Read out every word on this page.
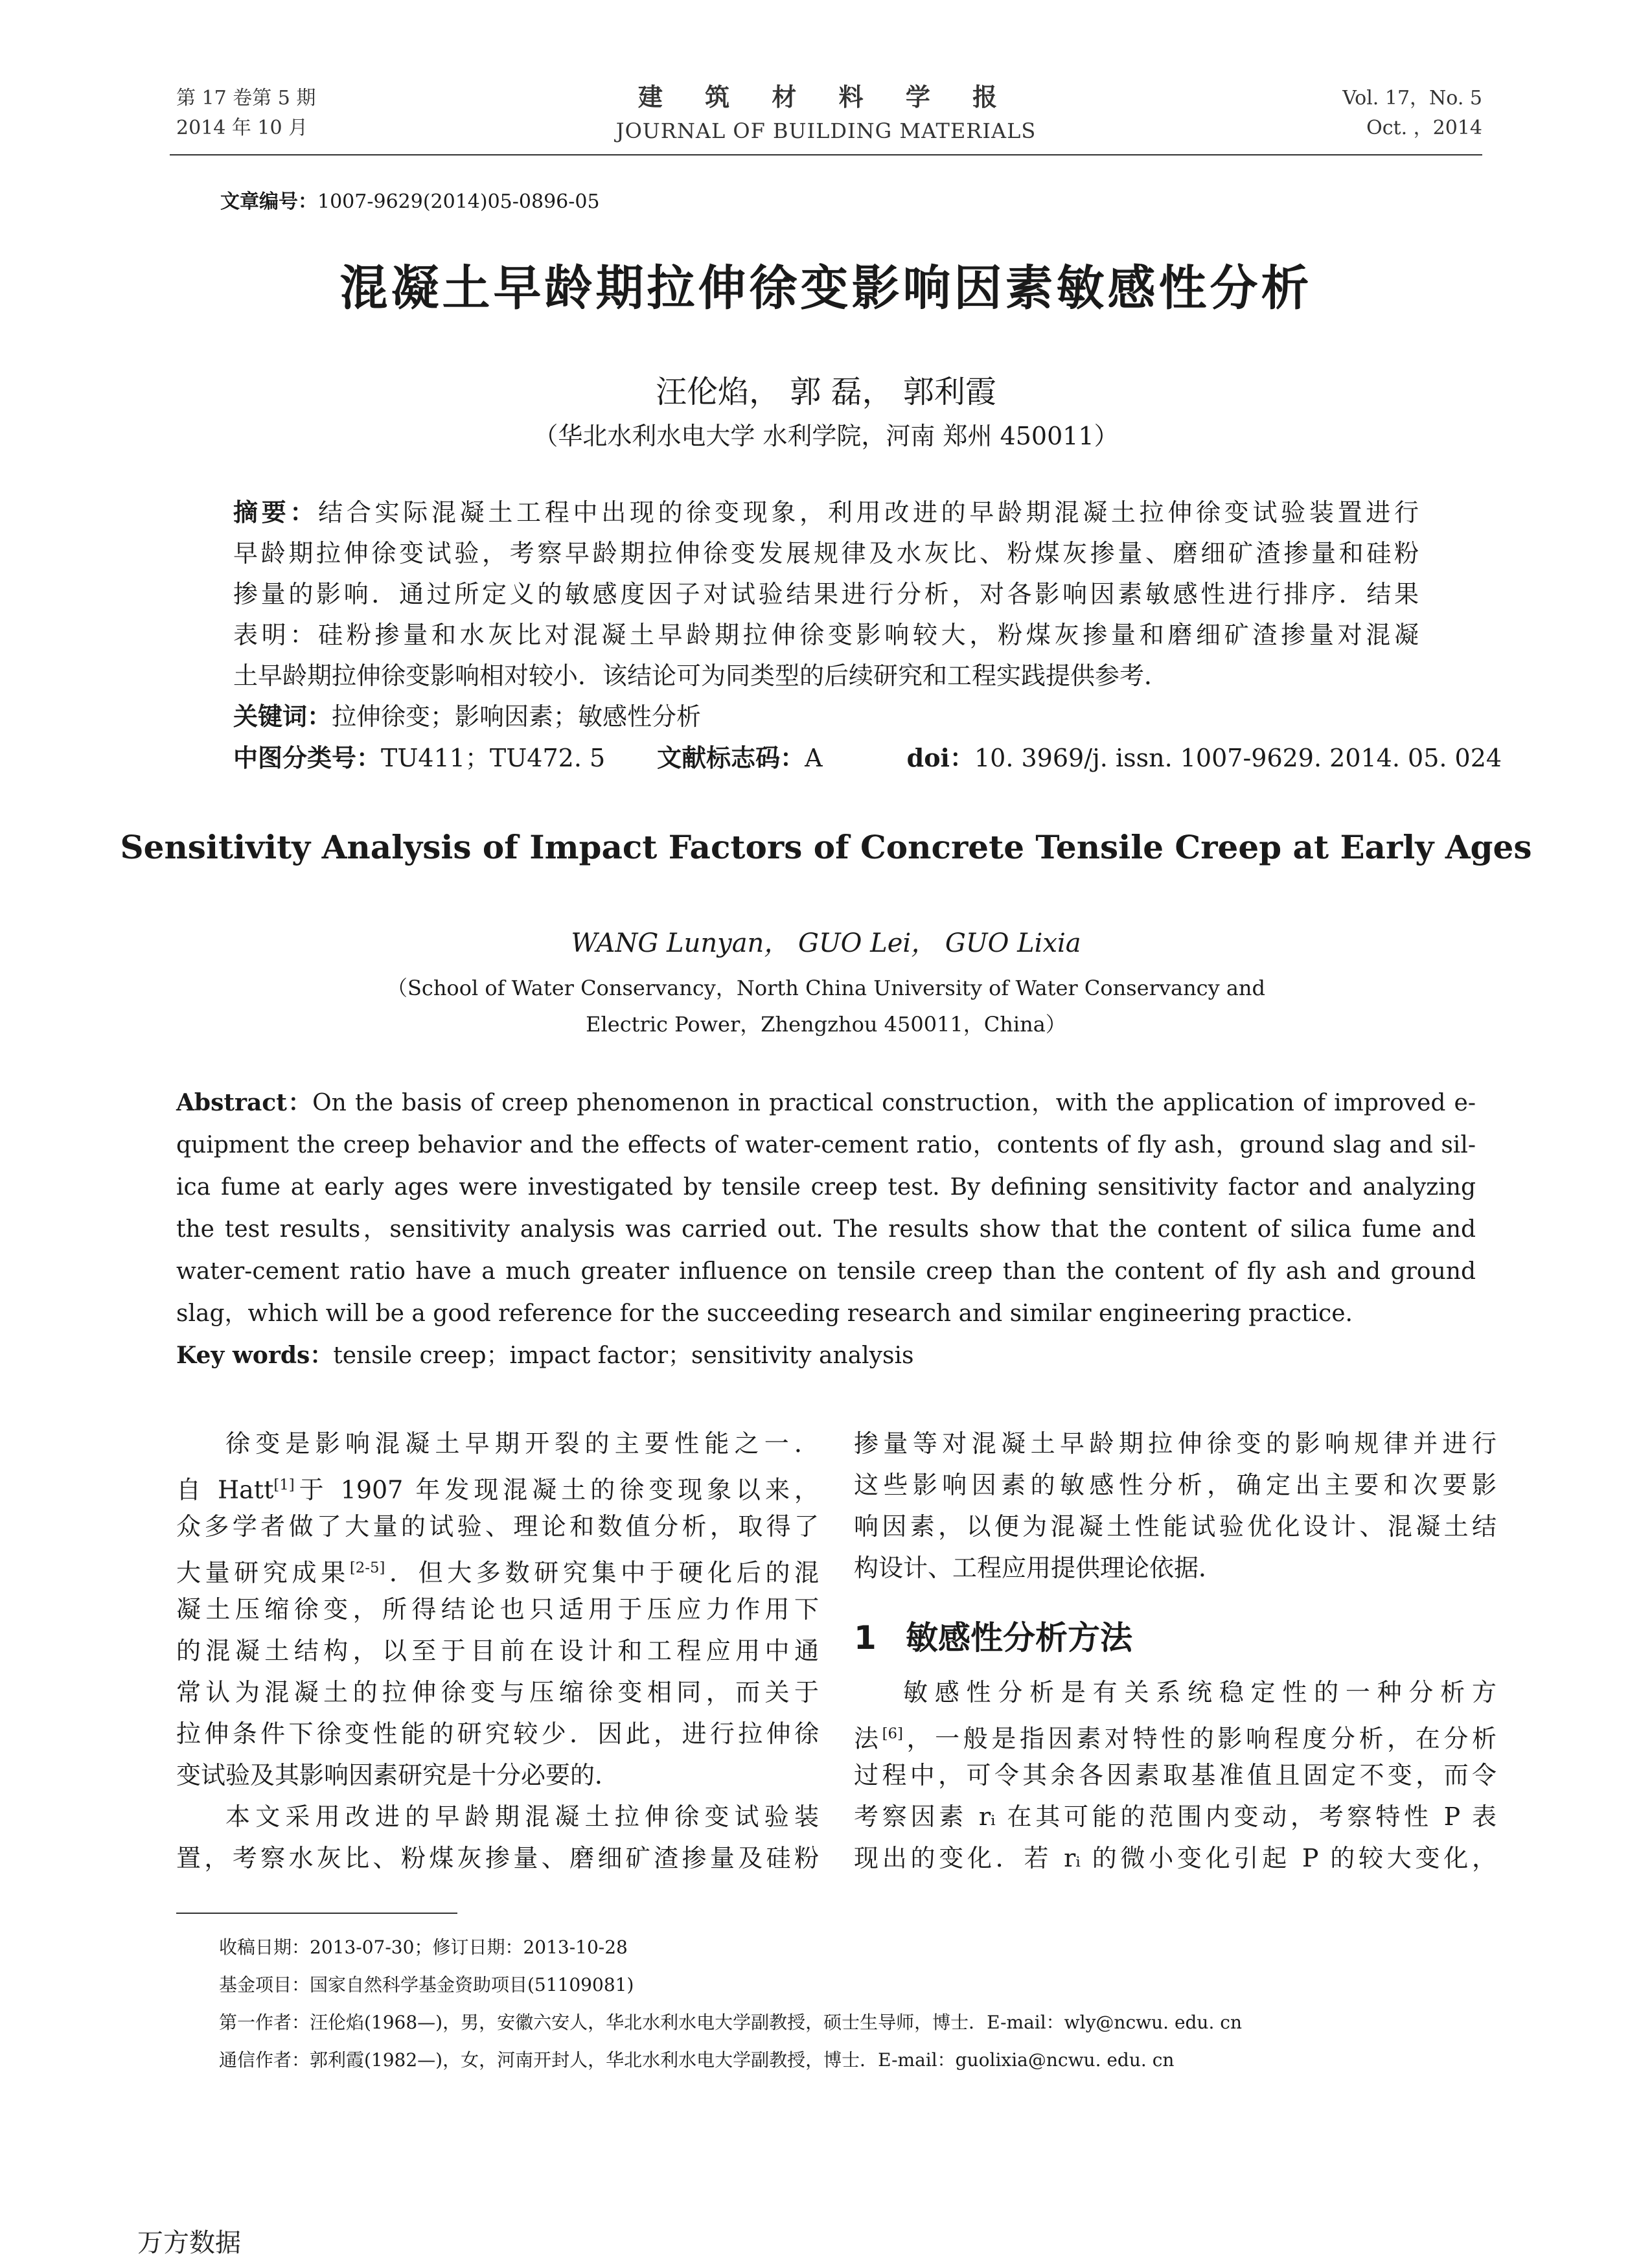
第 17 卷第 5 期
2014 年 10 月
建 筑 材 料 学 报
JOURNAL OF BUILDING MATERIALS
Vol. 17，No. 5
Oct. ，2014
文章编号：1007-9629(2014)05-0896-05
混凝土早龄期拉伸徐变影响因素敏感性分析
汪伦焰， 郭 磊， 郭利霞
（华北水利水电大学 水利学院，河南 郑州 450011）
摘要：结合实际混凝土工程中出现的徐变现象，利用改进的早龄期混凝土拉伸徐变试验装置进行
早龄期拉伸徐变试验，考察早龄期拉伸徐变发展规律及水灰比、粉煤灰掺量、磨细矿渣掺量和硅粉
掺量的影响．通过所定义的敏感度因子对试验结果进行分析，对各影响因素敏感性进行排序．结果
表明：硅粉掺量和水灰比对混凝土早龄期拉伸徐变影响较大，粉煤灰掺量和磨细矿渣掺量对混凝
土早龄期拉伸徐变影响相对较小．该结论可为同类型的后续研究和工程实践提供参考．
关键词：拉伸徐变；影响因素；敏感性分析
中图分类号：TU411；TU472. 5 文献标志码：A	doi：10. 3969/j. issn. 1007-9629. 2014. 05. 024
Sensitivity Analysis of Impact Factors of Concrete Tensile Creep at Early Ages
WANG Lunyan， GUO Lei， GUO Lixia
（School of Water Conservancy，North China University of Water Conservancy and
Electric Power，Zhengzhou 450011，China）
Abstract：On the basis of creep phenomenon in practical construction，with the application of improved e-
quipment the creep behavior and the effects of water-cement ratio，contents of fly ash，ground slag and sil-
ica fume at early ages were investigated by tensile creep test. By defining sensitivity factor and analyzing
the test results，sensitivity analysis was carried out. The results show that the content of silica fume and
water-cement ratio have a much greater influence on tensile creep than the content of fly ash and ground
slag，which will be a good reference for the succeeding research and similar engineering practice.
Key words：tensile creep；impact factor；sensitivity analysis
徐变是影响混凝土早期开裂的主要性能之一．
自 Hatt[1]于 1907 年发现混凝土的徐变现象以来，
众多学者做了大量的试验、理论和数值分析，取得了
大量研究成果[2-5]．但大多数研究集中于硬化后的混
凝土压缩徐变，所得结论也只适用于压应力作用下
的混凝土结构，以至于目前在设计和工程应用中通
常认为混凝土的拉伸徐变与压缩徐变相同，而关于
拉伸条件下徐变性能的研究较少．因此，进行拉伸徐
变试验及其影响因素研究是十分必要的．
本文采用改进的早龄期混凝土拉伸徐变试验装
置，考察水灰比、粉煤灰掺量、磨细矿渣掺量及硅粉
掺量等对混凝土早龄期拉伸徐变的影响规律并进行
这些影响因素的敏感性分析，确定出主要和次要影
响因素，以便为混凝土性能试验优化设计、混凝土结
构设计、工程应用提供理论依据．
1 敏感性分析方法
敏感性分析是有关系统稳定性的一种分析方
法[6]，一般是指因素对特性的影响程度分析，在分析
过程中，可令其余各因素取基准值且固定不变，而令
考察因素 rᵢ 在其可能的范围内变动，考察特性 P 表
现出的变化．若 rᵢ 的微小变化引起 P 的较大变化，
收稿日期：2013-07-30；修订日期：2013-10-28
基金项目：国家自然科学基金资助项目(51109081)
第一作者：汪伦焰(1968—)，男，安徽六安人，华北水利水电大学副教授，硕士生导师，博士．E-mail：wly@ncwu. edu. cn
通信作者：郭利霞(1982—)，女，河南开封人，华北水利水电大学副教授，博士．E-mail：guolixia@ncwu. edu. cn
万方数据
